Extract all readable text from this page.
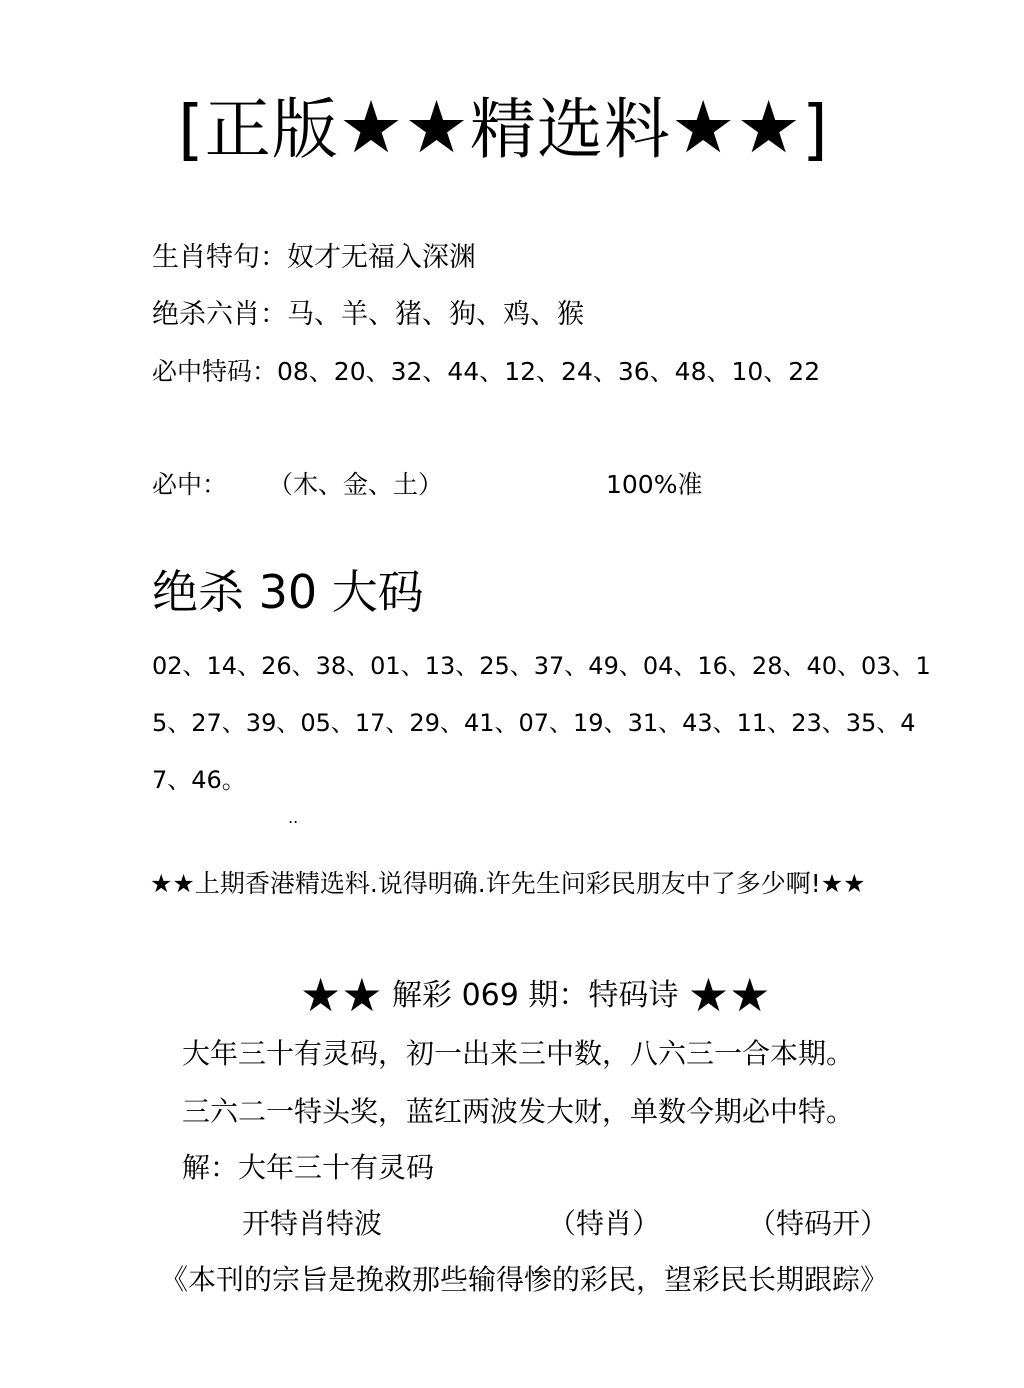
[正版★★精选料★★]
生肖特句：奴才无福入深渊
绝杀六肖：马、羊、猪、狗、鸡、猴
必中特码：08、20、32、44、12、24、36、48、10、22
必中： （木、金、土）	100%准
绝杀 30 大码
02、14、26、38、01、13、25、37、49、04、16、28、40、03、15、27、39、05、17、29、41、07、19、31、43、11、23、35、47、46。
..
★★上期香港精选料.说得明确.许先生问彩民朋友中了多少啊!★★
★★ 解彩 069 期：特码诗 ★★
大年三十有灵码，初一出来三中数，八六三一合本期。
三六二一特头奖，蓝红两波发大财，单数今期必中特。
解：大年三十有灵码
开特肖特波	（特肖）	（特码开）
《本刊的宗旨是挽救那些输得惨的彩民，望彩民长期跟踪》
